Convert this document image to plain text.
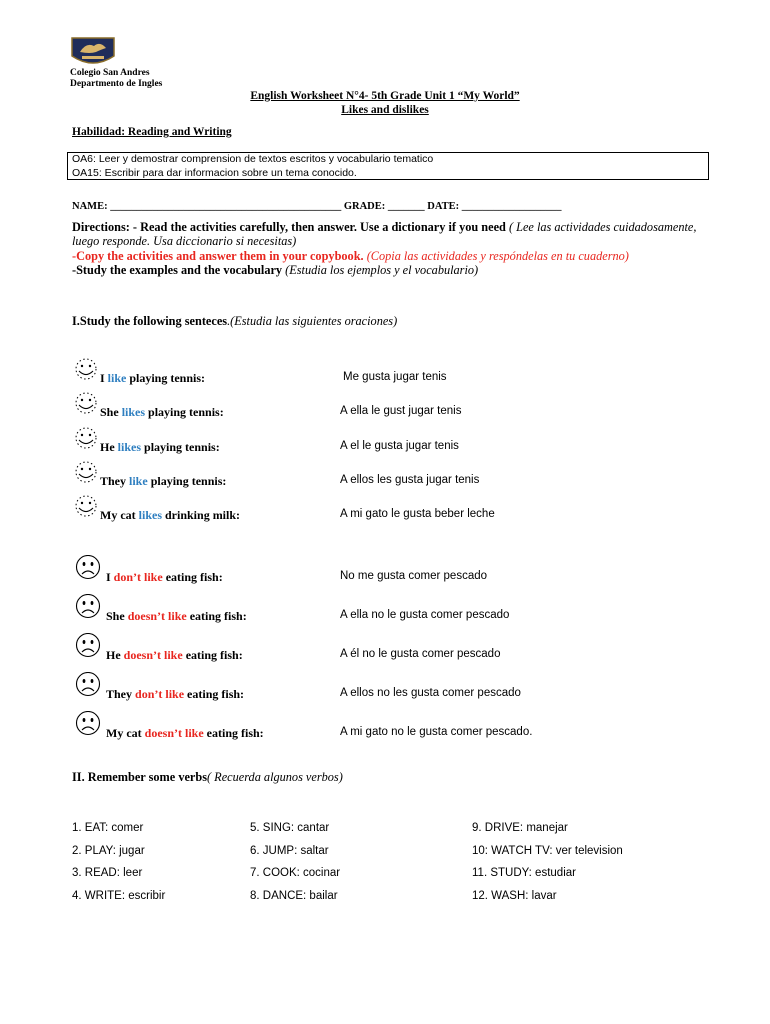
Colegio San Andres
Departmento de Ingles
English Worksheet N°4- 5th Grade Unit 1 “My World”
Likes and dislikes
Habilidad: Reading and Writing
OA6: Leer y demostrar comprension de textos escritos y vocabulario tematico
OA15: Escribir para dar informacion sobre un tema conocido.
NAME: ____________________________________________ GRADE: _______ DATE: ___________________
Directions: - Read the activities carefully, then answer. Use a dictionary if you need ( Lee las actividades cuidadosamente, luego responde. Usa diccionario si necesitas)
-Copy the activities and answer them in your copybook. (Copia las actividades y respóndelas en tu cuaderno)
-Study the examples and the vocabulary (Estudia los ejemplos y el vocabulario)
I.Study the following senteces.(Estudia las siguientes oraciones)
I like playing tennis:	Me gusta jugar tenis
She likes playing tennis:	A ella le gust jugar tenis
He likes playing tennis:	A el le gusta jugar tenis
They like playing tennis:	A ellos les gusta jugar tenis
My cat likes drinking milk:	A mi gato le gusta beber leche
I don’t like eating fish:	No me gusta comer pescado
She doesn’t like eating fish:	A ella no le gusta comer pescado
He doesn’t like eating fish:	A él no le gusta comer pescado
They don’t like eating fish:	A ellos no les gusta comer pescado
My cat doesn’t like eating fish:	A mi gato no le gusta comer pescado.
II. Remember some verbs( Recuerda algunos verbos)
1. EAT: comer
2. PLAY: jugar
3. READ: leer
4. WRITE: escribir
5. SING: cantar
6. JUMP: saltar
7. COOK: cocinar
8. DANCE: bailar
9. DRIVE: manejar
10: WATCH TV: ver television
11. STUDY: estudiar
12. WASH: lavar
